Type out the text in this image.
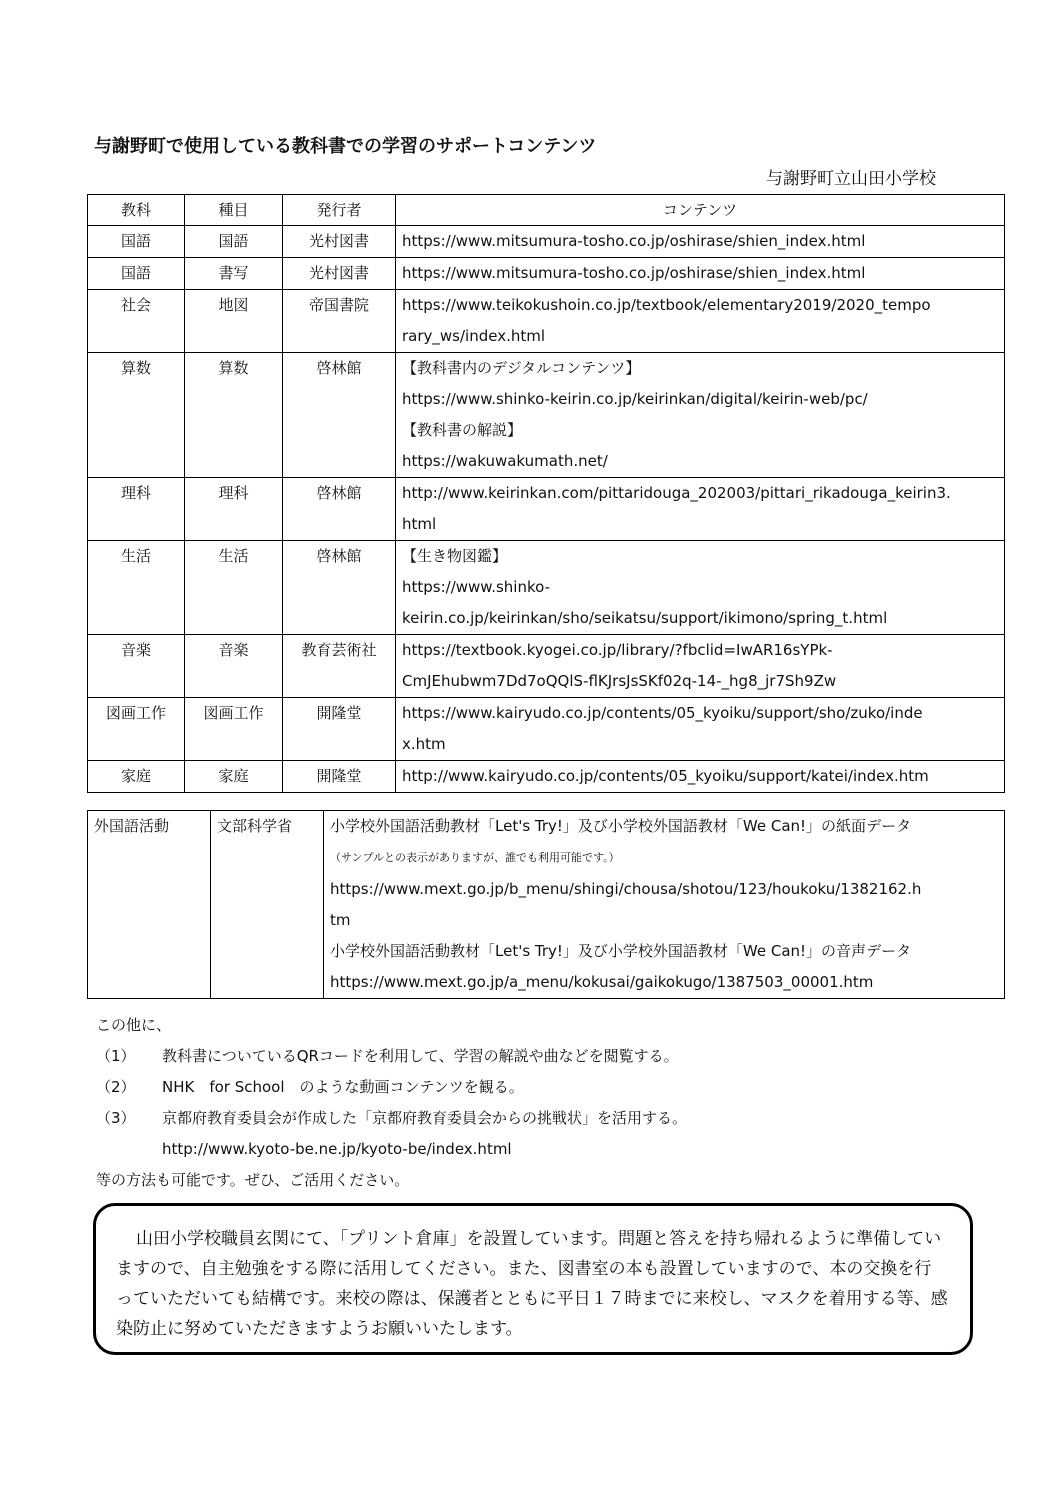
与謝野町で使用している教科書での学習のサポートコンテンツ
与謝野町立山田小学校
教科	種目	発行者	コンテンツ
国語	国語	光村図書	https://www.mitsumura-tosho.co.jp/oshirase/shien_index.html

国語	書写	光村図書	https://www.mitsumura-tosho.co.jp/oshirase/shien_index.html

社会	地図	帝国書院	https://www.teikokushoin.co.jp/textbook/elementary2019/2020_tempo
rary_ws/index.html

算数	算数	啓林館	【教科書内のデジタルコンテンツ】
https://www.shinko-keirin.co.jp/keirinkan/digital/keirin-web/pc/
【教科書の解説】
https://wakuwakumath.net/

理科	理科	啓林館	http://www.keirinkan.com/pittaridouga_202003/pittari_rikadouga_keirin3.
html

生活	生活	啓林館	【生き物図鑑】
https://www.shinko-
keirin.co.jp/keirinkan/sho/seikatsu/support/ikimono/spring_t.html

音楽	音楽	教育芸術社	https://textbook.kyogei.co.jp/library/?fbclid=IwAR16sYPk-
CmJEhubwm7Dd7oQQlS-flKJrsJsSKf02q-14-_hg8_jr7Sh9Zw

図画工作	図画工作	開隆堂	https://www.kairyudo.co.jp/contents/05_kyoiku/support/sho/zuko/inde
x.htm

家庭	家庭	開隆堂	http://www.kairyudo.co.jp/contents/05_kyoiku/support/katei/index.htm
外国語活動	文部科学省	小学校外国語活動教材「Let's Try!」及び小学校外国語教材「We Can!」の紙面データ
（サンプルとの表示がありますが、誰でも利用可能です。）
https://www.mext.go.jp/b_menu/shingi/chousa/shotou/123/houkoku/1382162.h
tm
小学校外国語活動教材「Let's Try!」及び小学校外国語教材「We Can!」の音声データ
https://www.mext.go.jp/a_menu/kokusai/gaikokugo/1387503_00001.htm
この他に、
（1）	教科書についているQRコードを利用して、学習の解説や曲などを閲覧する。
（2）	NHK　for School　のような動画コンテンツを観る。
（3）	京都府教育委員会が作成した「京都府教育委員会からの挑戦状」を活用する。
http://www.kyoto-be.ne.jp/kyoto-be/index.html
等の方法も可能です。ぜひ、ご活用ください。
山田小学校職員玄関にて、「プリント倉庫」を設置しています。問題と答えを持ち帰れるように準備していますので、自主勉強をする際に活用してください。また、図書室の本も設置していますので、本の交換を行っていただいても結構です。来校の際は、保護者とともに平日１７時までに来校し、マスクを着用する等、感染防止に努めていただきますようお願いいたします。
